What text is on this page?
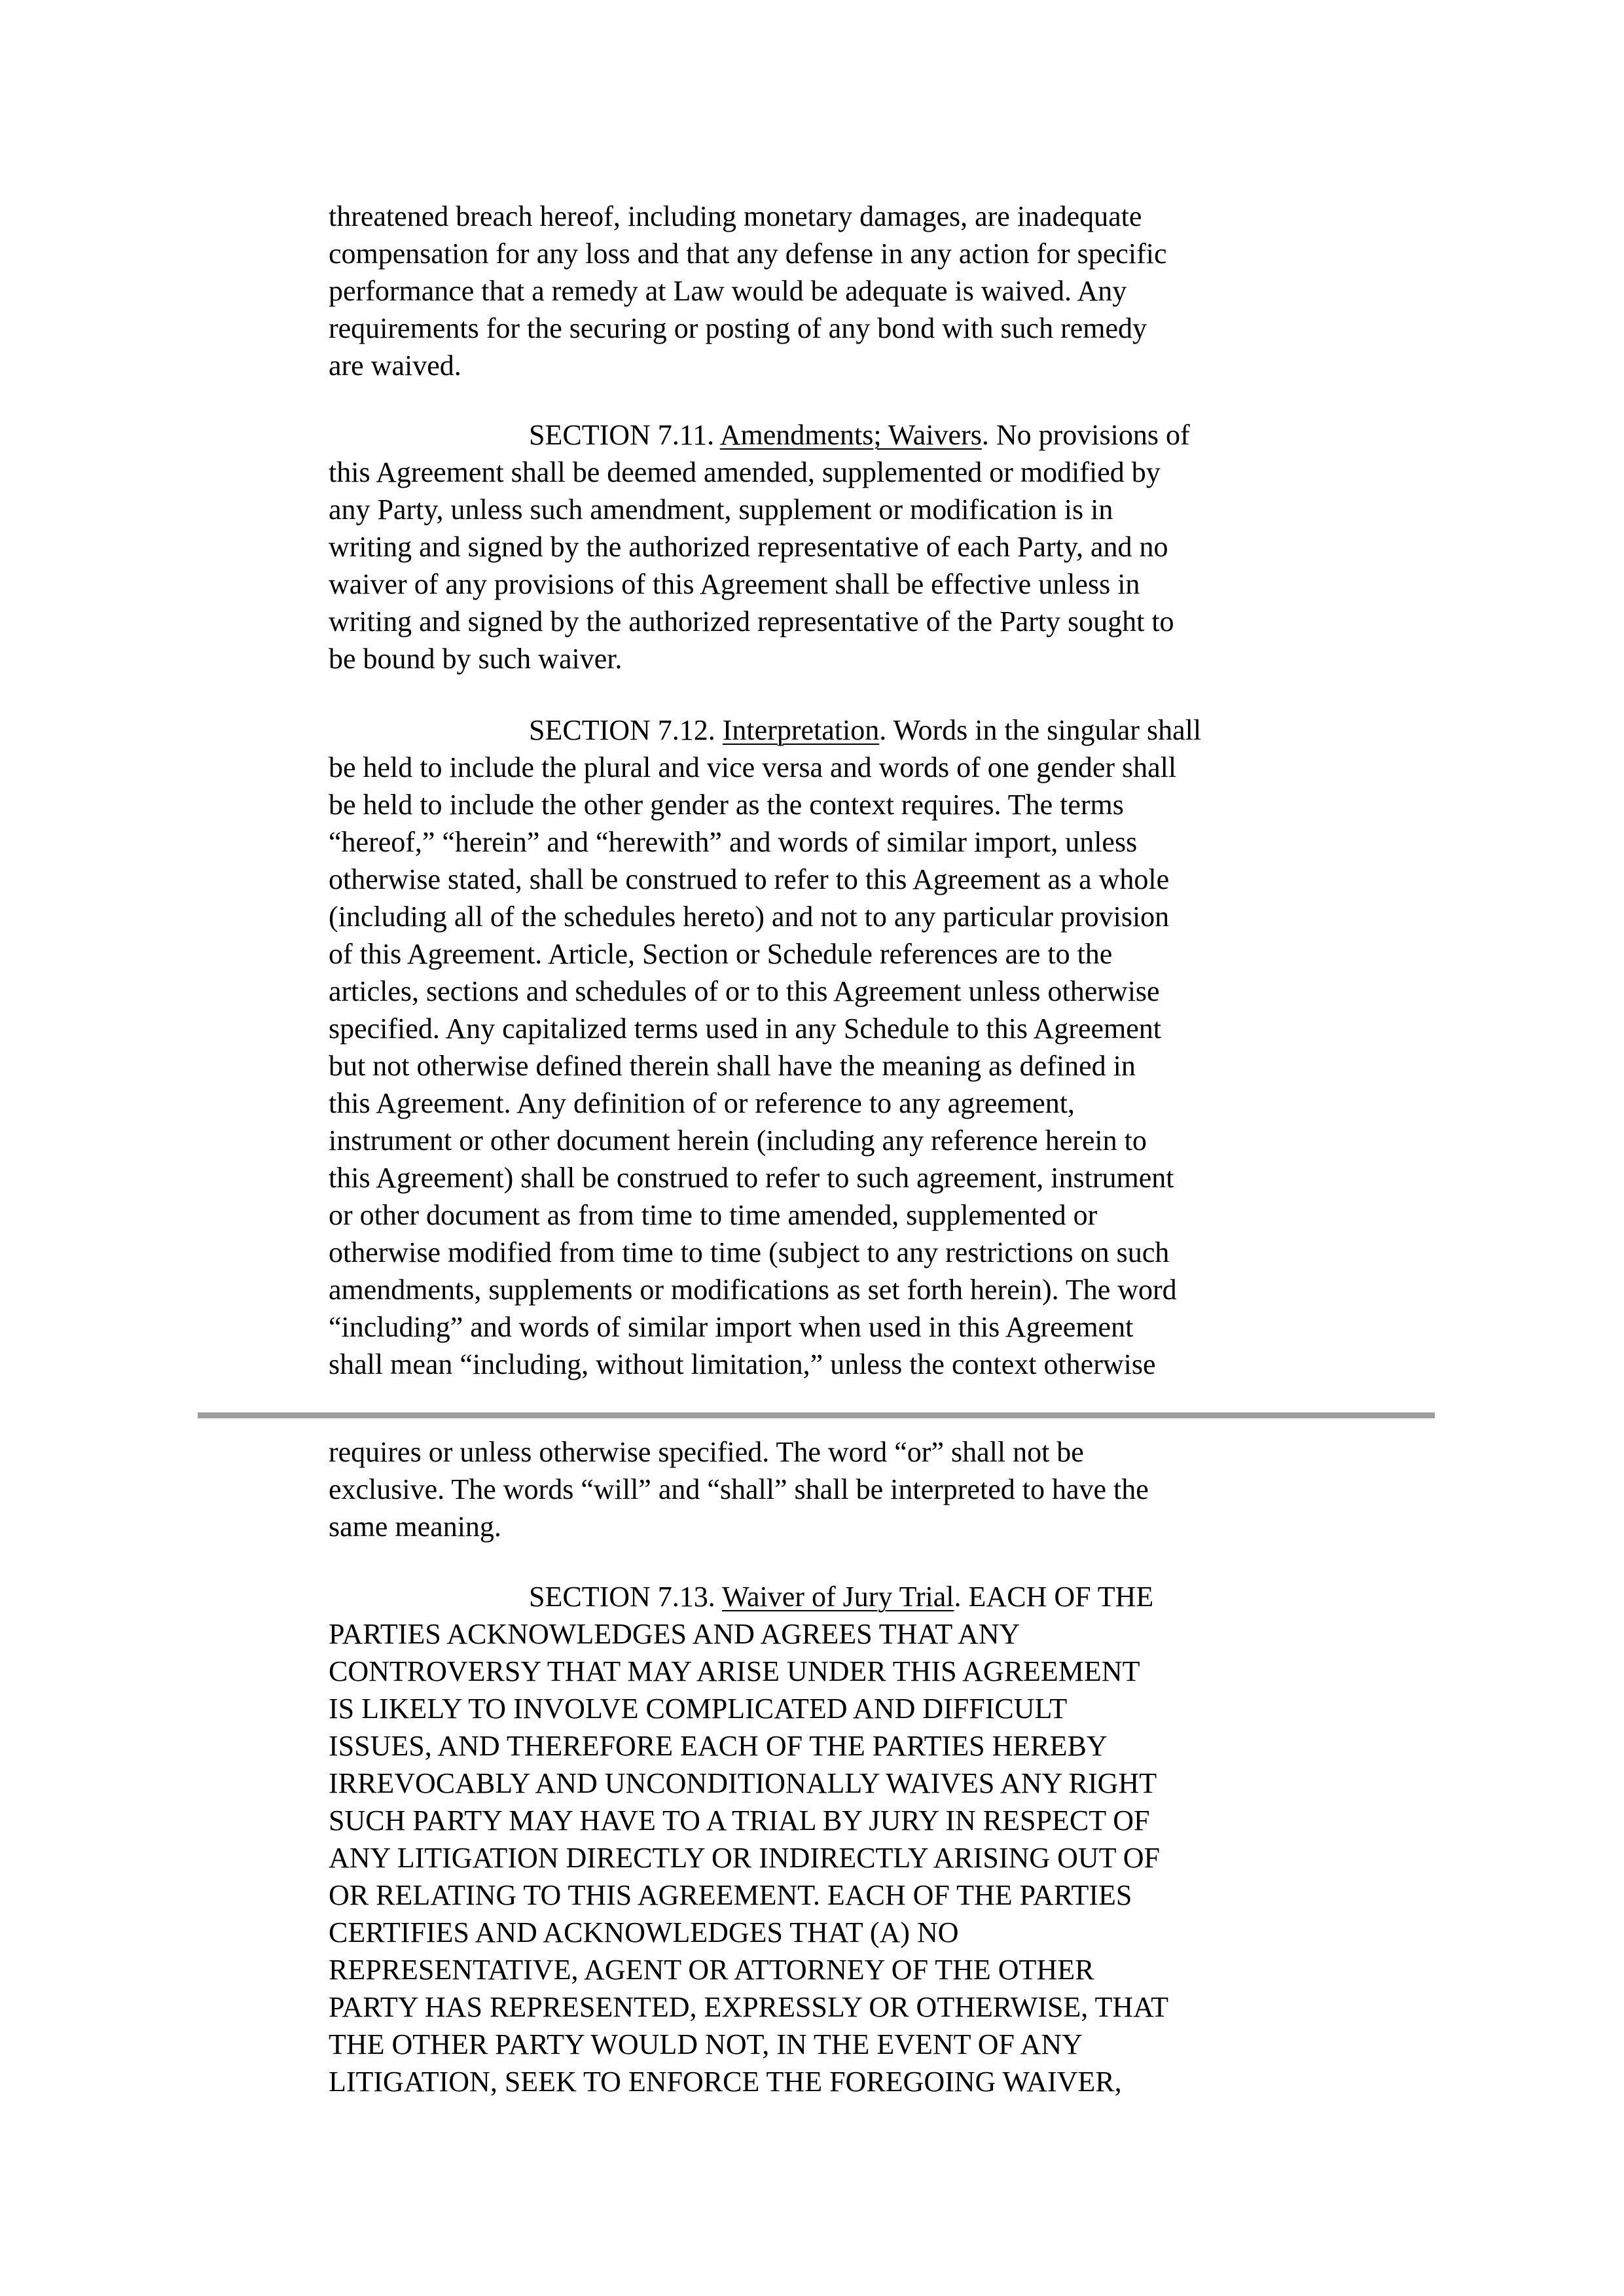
threatened breach hereof, including monetary damages, are inadequate
compensation for any loss and that any defense in any action for specific
performance that a remedy at Law would be adequate is waived. Any
requirements for the securing or posting of any bond with such remedy
are waived.
SECTION 7.11. Amendments; Waivers. No provisions of
this Agreement shall be deemed amended, supplemented or modified by
any Party, unless such amendment, supplement or modification is in
writing and signed by the authorized representative of each Party, and no
waiver of any provisions of this Agreement shall be effective unless in
writing and signed by the authorized representative of the Party sought to
be bound by such waiver.
SECTION 7.12. Interpretation. Words in the singular shall
be held to include the plural and vice versa and words of one gender shall
be held to include the other gender as the context requires. The terms
“hereof,” “herein” and “herewith” and words of similar import, unless
otherwise stated, shall be construed to refer to this Agreement as a whole
(including all of the schedules hereto) and not to any particular provision
of this Agreement. Article, Section or Schedule references are to the
articles, sections and schedules of or to this Agreement unless otherwise
specified. Any capitalized terms used in any Schedule to this Agreement
but not otherwise defined therein shall have the meaning as defined in
this Agreement. Any definition of or reference to any agreement,
instrument or other document herein (including any reference herein to
this Agreement) shall be construed to refer to such agreement, instrument
or other document as from time to time amended, supplemented or
otherwise modified from time to time (subject to any restrictions on such
amendments, supplements or modifications as set forth herein). The word
“including” and words of similar import when used in this Agreement
shall mean “including, without limitation,” unless the context otherwise
requires or unless otherwise specified. The word “or” shall not be
exclusive. The words “will” and “shall” shall be interpreted to have the
same meaning.
SECTION 7.13. Waiver of Jury Trial. EACH OF THE
PARTIES ACKNOWLEDGES AND AGREES THAT ANY
CONTROVERSY THAT MAY ARISE UNDER THIS AGREEMENT
IS LIKELY TO INVOLVE COMPLICATED AND DIFFICULT
ISSUES, AND THEREFORE EACH OF THE PARTIES HEREBY
IRREVOCABLY AND UNCONDITIONALLY WAIVES ANY RIGHT
SUCH PARTY MAY HAVE TO A TRIAL BY JURY IN RESPECT OF
ANY LITIGATION DIRECTLY OR INDIRECTLY ARISING OUT OF
OR RELATING TO THIS AGREEMENT. EACH OF THE PARTIES
CERTIFIES AND ACKNOWLEDGES THAT (A) NO
REPRESENTATIVE, AGENT OR ATTORNEY OF THE OTHER
PARTY HAS REPRESENTED, EXPRESSLY OR OTHERWISE, THAT
THE OTHER PARTY WOULD NOT, IN THE EVENT OF ANY
LITIGATION, SEEK TO ENFORCE THE FOREGOING WAIVER,
